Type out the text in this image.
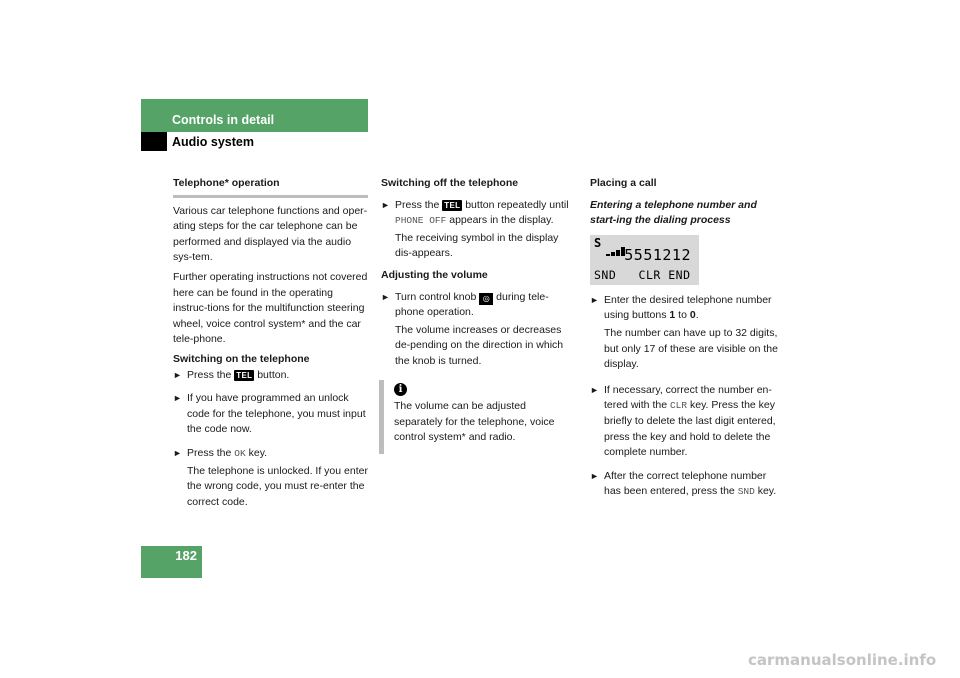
Controls in detail
Audio system

Telephone* operation

Various car telephone functions and oper-ating steps for the car telephone can be performed and displayed via the audio sys-tem.

Further operating instructions not covered here can be found in the operating instruc-tions for the multifunction steering wheel, voice control system* and the car tele-phone.

Switching on the telephone

► Press the TEL button.
► If you have programmed an unlock code for the telephone, you must input the code now.
► Press the OK key.

The telephone is unlocked. If you enter the wrong code, you must re-enter the correct code.

Switching off the telephone

► Press the TEL button repeatedly until PHONE OFF appears in the display.

The receiving symbol in the display dis-appears.

Adjusting the volume

► Turn control knob ◎ during tele-phone operation.

The volume increases or decreases de-pending on the direction in which the knob is turned.

i

The volume can be adjusted separately for the telephone, voice control system* and radio.

Placing a call

Entering a telephone number and start-ing the dialing process

S
5551212
SND   CLR END
► Enter the desired telephone number using buttons 1 to 0.

The number can have up to 32 digits, but only 17 of these are visible on the display.

► If necessary, correct the number en-tered with the CLR key. Press the key briefly to delete the last digit entered, press the key and hold to delete the complete number.
► After the correct telephone number has been entered, press the SND key.
182
carmanualsonline.info
